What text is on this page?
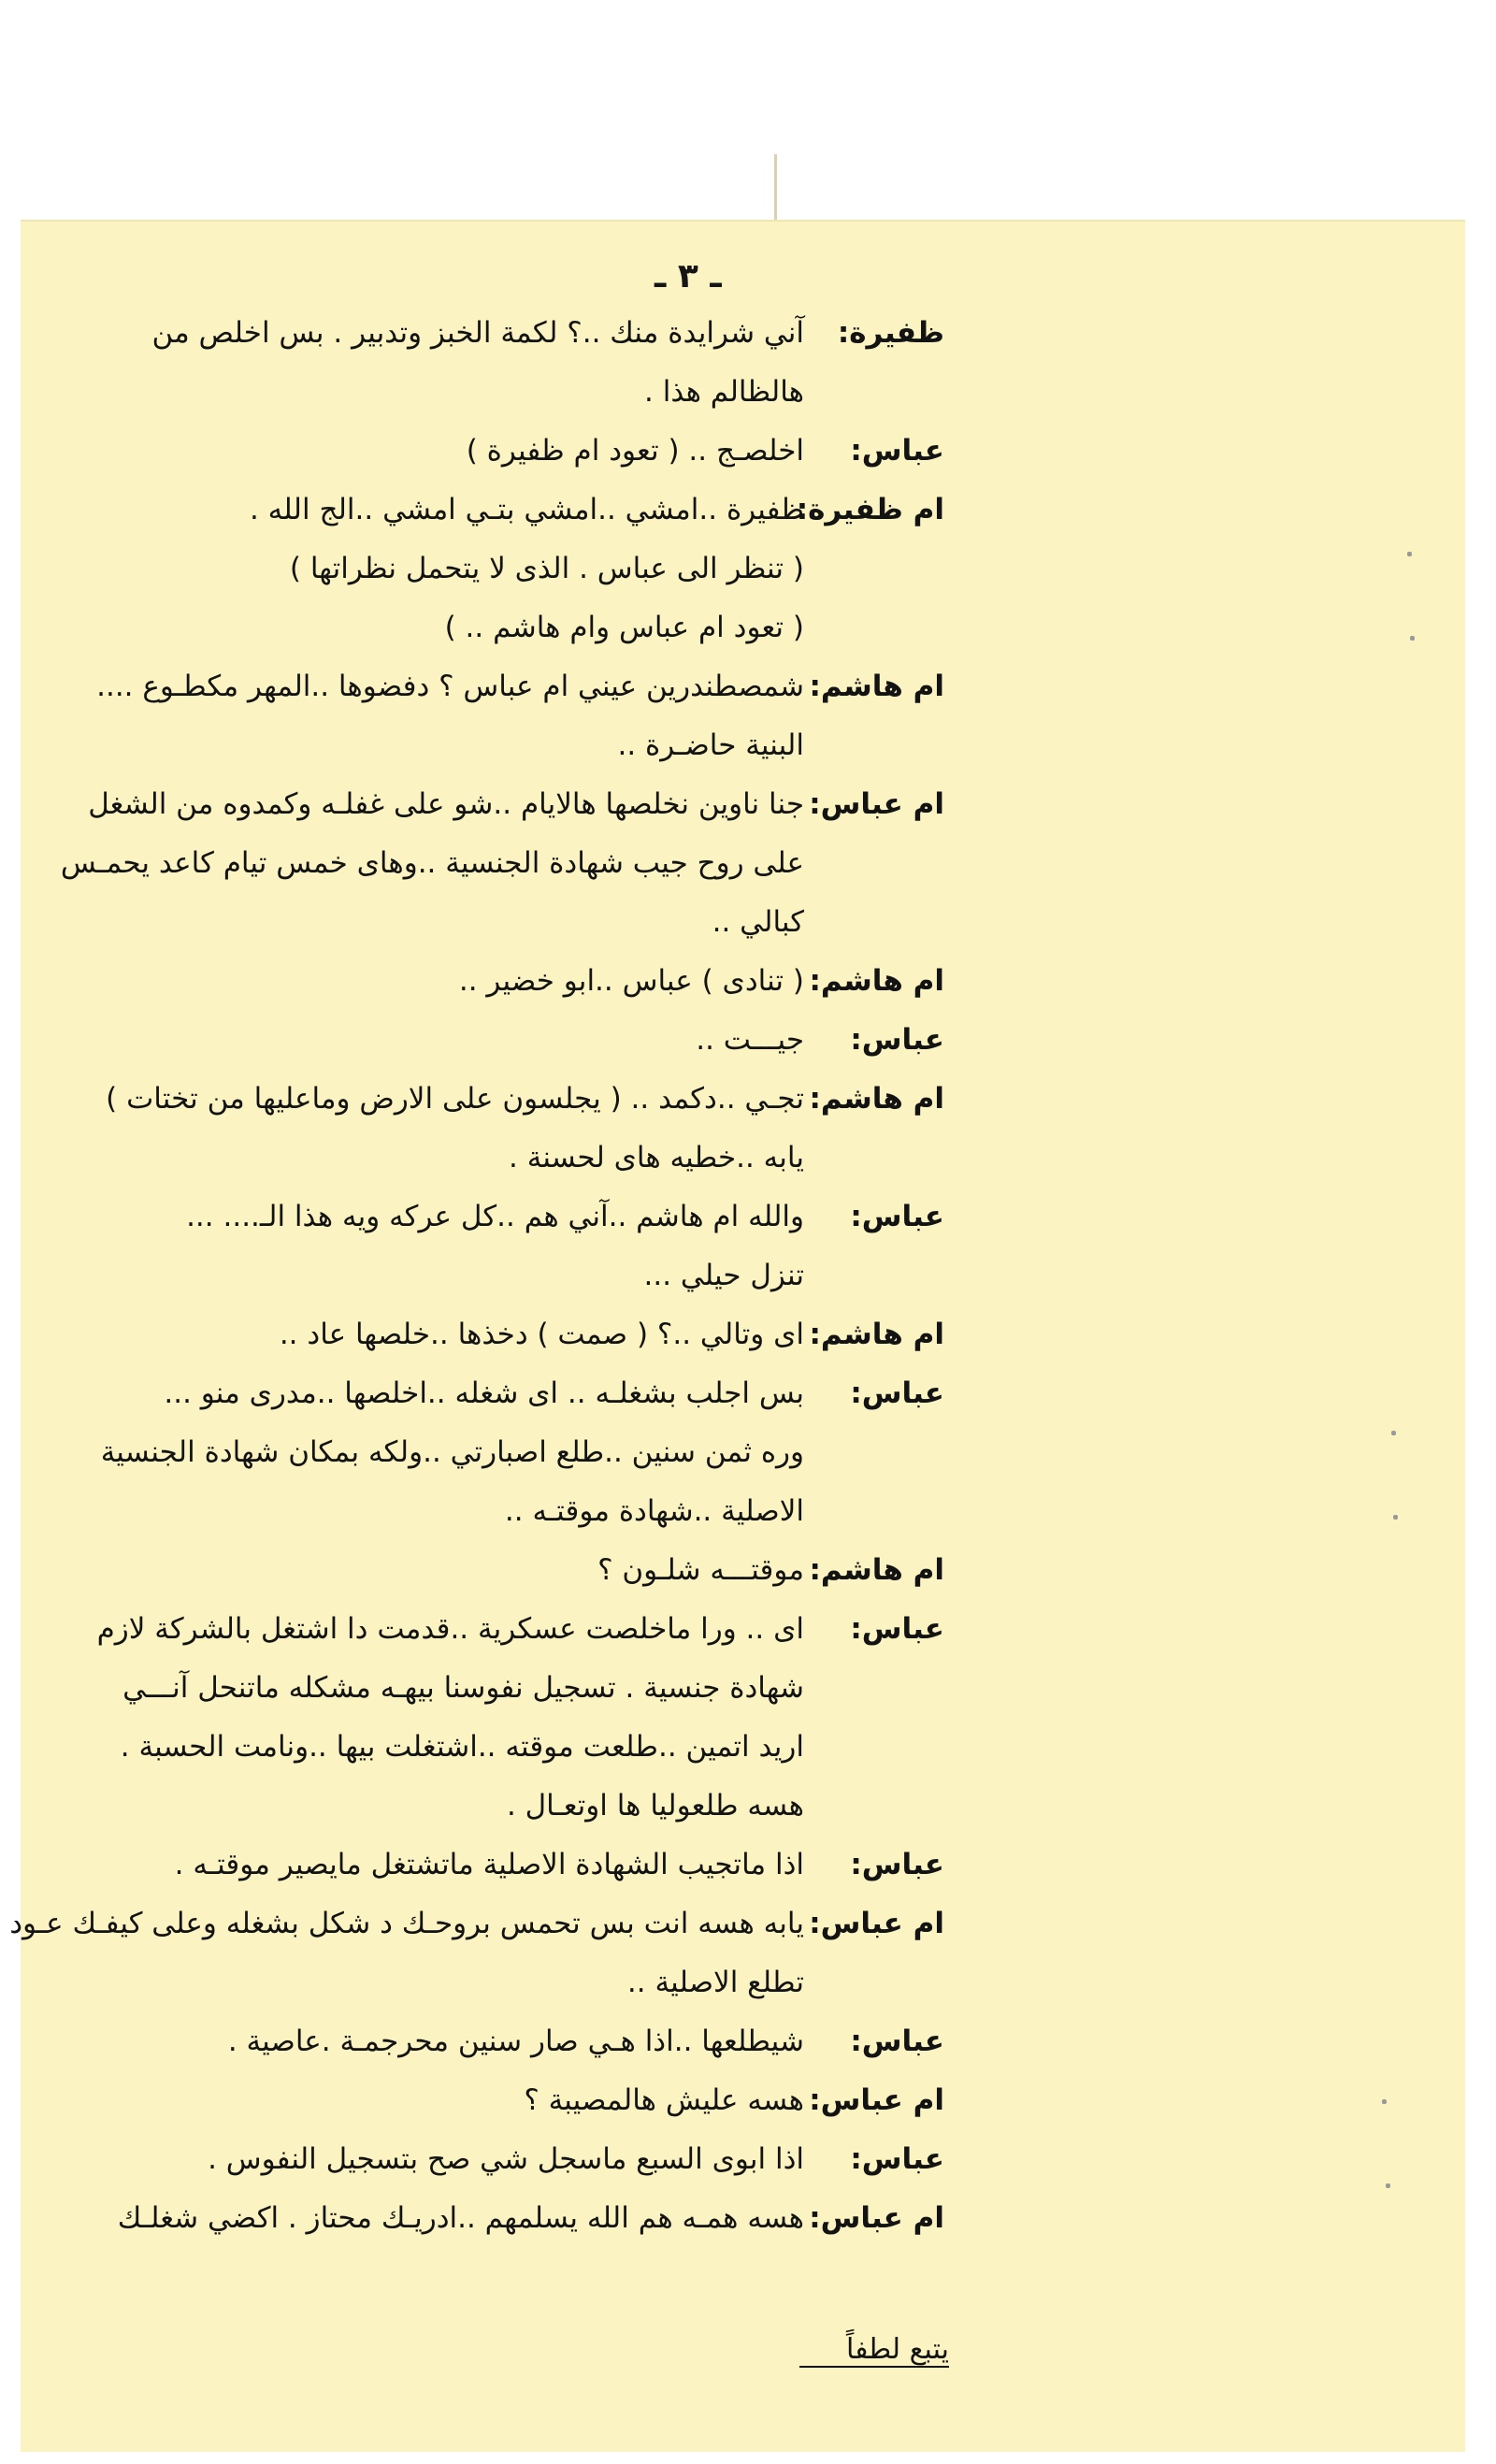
ـ ٣ ـ
ظفيرة:
آني شرايدة منك ..؟ لكمة الخبز وتدبير . بس اخلص من
هالظالم هذا .
عباس:
اخلصـج .. ( تعود ام ظفيرة )
ام ظفيرة:
ظفيرة ..امشي ..امشي بتـي امشي ..الج الله .
( تنظر الى عباس . الذى لا يتحمل نظراتها )
( تعود ام عباس وام هاشم .. )
ام هاشم:
شمصطندرين عيني ام عباس ؟ دفضوها ..المهر مكطـوع ....
البنية حاضـرة ..
ام عباس:
جنا ناوين نخلصها هالايام ..شو على غفلـه وكمدوه من الشغل
على روح جيب شهادة الجنسية ..وهاى خمس تيام كاعد يحمـس
كبالي ..
ام هاشم:
( تنادى ) عباس ..ابو خضير ..
عباس:
جيـــت ..
ام هاشم:
تجـي ..دكمد .. ( يجلسون على الارض وماعليها من تختات )
يابه ..خطيه هاى لحسنة .
عباس:
والله ام هاشم ..آني هم ..كل عركه ويه هذا الـ.... ...
تنزل حيلي ...
ام هاشم:
اى وتالي ..؟ ( صمت ) دخذها ..خلصها عاد ..
عباس:
بس اجلب بشغلـه .. اى شغله ..اخلصها ..مدرى منو ...
وره ثمن سنين ..طلع اصبارتي ..ولكه بمكان شهادة الجنسية
الاصلية ..شهادة موقتـه ..
ام هاشم:
موقتـــه شلـون ؟
عباس:
اى .. ورا ماخلصت عسكرية ..قدمت دا اشتغل بالشركة لازم
شهادة جنسية . تسجيل نفوسنا بيهـه مشكله ماتنحل آنـــي
اريد اتمين ..طلعت موقته ..اشتغلت بيها ..ونامت الحسبة .
هسه طلعوليا ها اوتعـال .
عباس:
اذا ماتجيب الشهادة الاصلية ماتشتغل مايصير موقتـه .
ام عباس:
يابه هسه انت بس تحمس بروحـك د شكل بشغله وعلى كيفـك عـود
تطلع الاصلية ..
عباس:
شيطلعها ..اذا هـي صار سنين محرجمـة .عاصية .
ام عباس:
هسه عليش هالمصيبة ؟
عباس:
اذا ابوى السبع ماسجل شي صح بتسجيل النفوس .
ام عباس:
هسه همـه هم الله يسلمهم ..ادريـك محتاز . اكضي شغلـك
يتبع لطفاً
